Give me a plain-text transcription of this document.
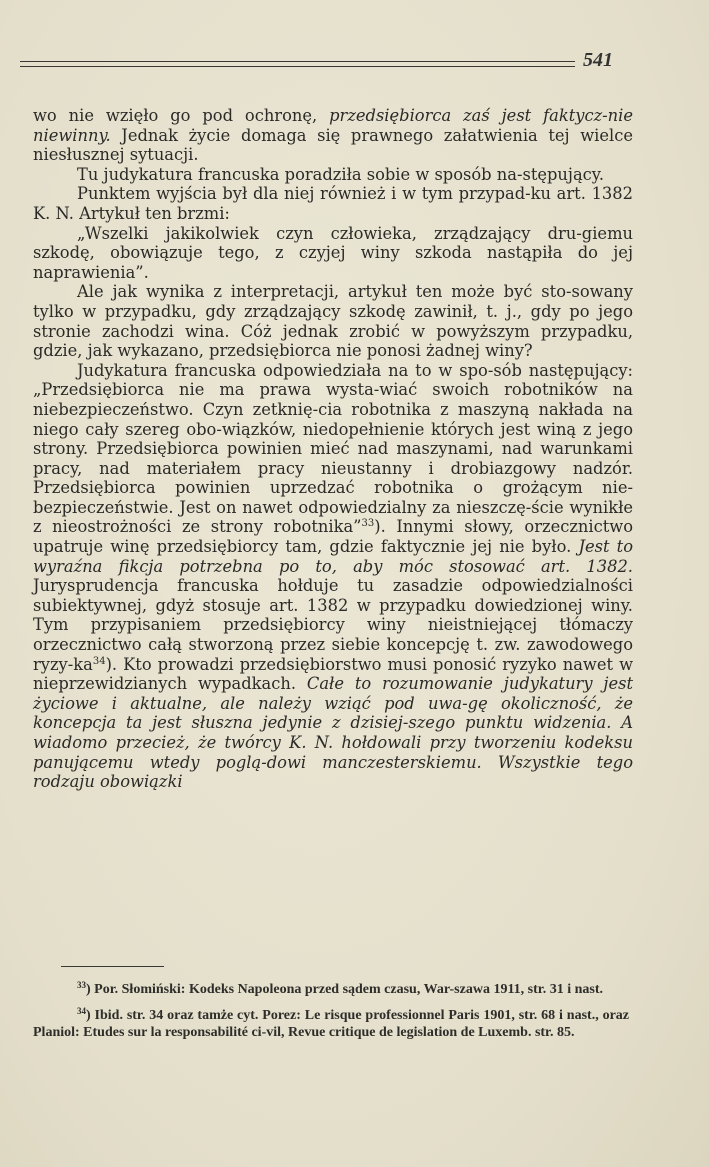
541

wo nie wzięło go pod ochronę, przedsiębiorca zaś jest faktycz-nie niewinny. Jednak życie domaga się prawnego załatwienia tej wielce niesłusznej sytuacji.

Tu judykatura francuska poradziła sobie w sposób na-stępujący.

Punktem wyjścia był dla niej również i w tym przypad-ku art. 1382 K. N. Artykuł ten brzmi:

„Wszelki jakikolwiek czyn człowieka, zrządzający dru-giemu szkodę, obowiązuje tego, z czyjej winy szkoda nastąpiła do jej naprawienia”.

Ale jak wynika z interpretacji, artykuł ten może być sto-sowany tylko w przypadku, gdy zrządzający szkodę zawinił, t. j., gdy po jego stronie zachodzi wina. Cóż jednak zrobić w powyższym przypadku, gdzie, jak wykazano, przedsiębiorca nie ponosi żadnej winy?

Judykatura francuska odpowiedziała na to w spo-sób następujący: „Przedsiębiorca nie ma prawa wysta-wiać swoich robotników na niebezpieczeństwo. Czyn zetknię-cia robotnika z maszyną nakłada na niego cały szereg obo-wiązków, niedopełnienie których jest winą z jego strony. Przedsiębiorca powinien mieć nad maszynami, nad warunkami pracy, nad materiałem pracy nieustanny i drobiazgowy nadzór. Przedsiębiorca powinien uprzedzać robotnika o grożącym nie-bezpieczeństwie. Jest on nawet odpowiedzialny za nieszczę-ście wynikłe z nieostrożności ze strony robotnika”$^{33}$). Innymi słowy, orzecznictwo upatruje winę przedsiębiorcy tam, gdzie faktycznie jej nie było. Jest to wyraźna fikcja potrzebna po to, aby móc stosować art. 1382. Jurysprudencja francuska hołduje tu zasadzie odpowiedzialności subiektywnej, gdyż stosuje art. 1382 w przypadku dowiedzionej winy. Tym przypisaniem przedsiębiorcy winy nieistniejącej tłómaczy orzecznictwo całą stworzoną przez siebie koncepcję t. zw. zawodowego ryzy-$ka^{34}$). Kto prowadzi przedsiębiorstwo musi ponosić ryzyko nawet w nieprzewidzianych wypadkach. Całe to rozumowanie judykatury jest życiowe i aktualne, ale należy wziąć pod uwa-gę okoliczność, że koncepcja ta jest słuszna jedynie z dzisiej-szego punktu widzenia. A wiadomo przecież, że twórcy K. N. hołdowali przy tworzeniu kodeksu panującemu wtedy poglą-dowi manczesterskiemu. Wszystkie tego rodzaju obowiązki

$^{33}$) Por. Słomiński: Kodeks Napoleona przed sądem czasu, War-szawa 1911, str. 31 i nast.

$^{34}$) Ibid. str. 34 oraz tamże cyt. Porez: Le risque professionnel Paris 1901, str. 68 i nast., oraz Planiol: Etudes sur la responsabilité ci-vil, Revue critique de legislation de Luxemb. str. 85.
